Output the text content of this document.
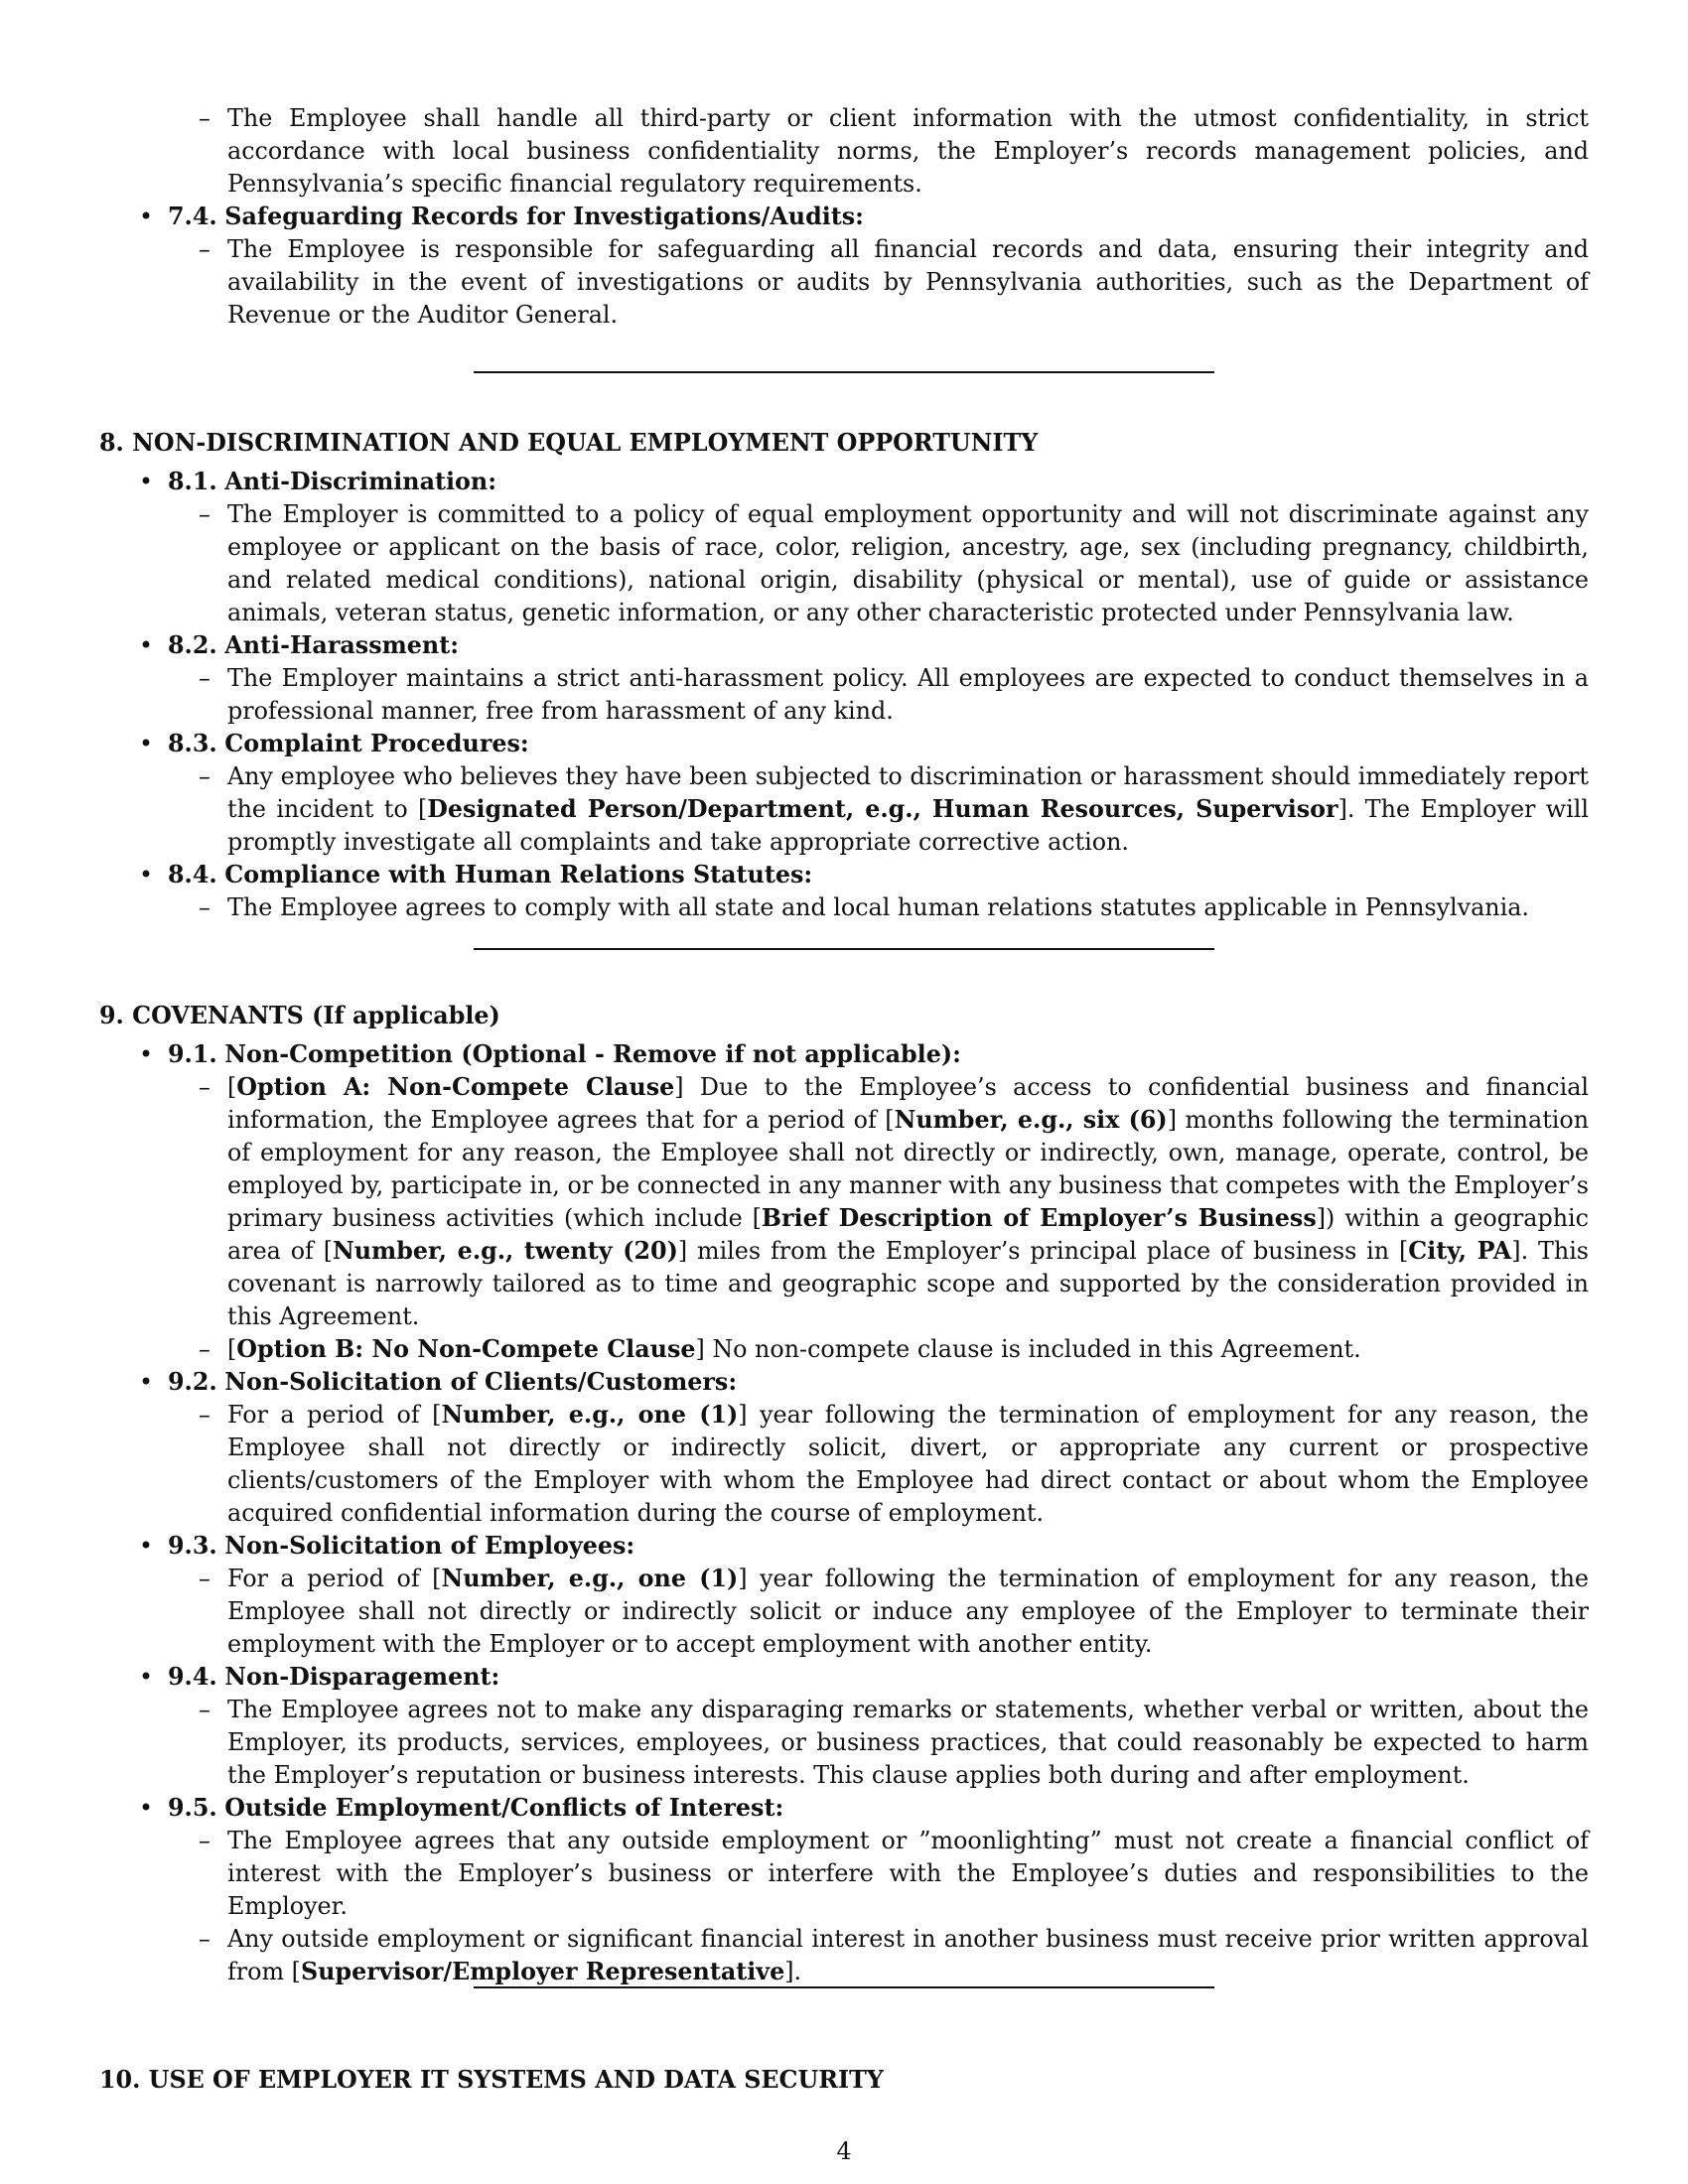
– The Employee shall handle all third-party or client information with the utmost confidentiality, in strict accordance with local business confidentiality norms, the Employer’s records management policies, and Pennsylvania’s specific financial regulatory requirements.
• 7.4. Safeguarding Records for Investigations/Audits:
– The Employee is responsible for safeguarding all financial records and data, ensuring their integrity and availability in the event of investigations or audits by Pennsylvania authorities, such as the Department of Revenue or the Auditor General.
8. NON-DISCRIMINATION AND EQUAL EMPLOYMENT OPPORTUNITY
• 8.1. Anti-Discrimination:
– The Employer is committed to a policy of equal employment opportunity and will not discriminate against any employee or applicant on the basis of race, color, religion, ancestry, age, sex (including pregnancy, childbirth, and related medical conditions), national origin, disability (physical or mental), use of guide or assistance animals, veteran status, genetic information, or any other characteristic protected under Pennsylvania law.
• 8.2. Anti-Harassment:
– The Employer maintains a strict anti-harassment policy. All employees are expected to conduct themselves in a professional manner, free from harassment of any kind.
• 8.3. Complaint Procedures:
– Any employee who believes they have been subjected to discrimination or harassment should immediately report the incident to [Designated Person/Department, e.g., Human Resources, Supervisor]. The Employer will promptly investigate all complaints and take appropriate corrective action.
• 8.4. Compliance with Human Relations Statutes:
– The Employee agrees to comply with all state and local human relations statutes applicable in Pennsylvania.
9. COVENANTS (If applicable)
• 9.1. Non-Competition (Optional - Remove if not applicable):
– [Option A: Non-Compete Clause] Due to the Employee’s access to confidential business and financial information, the Employee agrees that for a period of [Number, e.g., six (6)] months following the termination of employment for any reason, the Employee shall not directly or indirectly, own, manage, operate, control, be employed by, participate in, or be connected in any manner with any business that competes with the Employer’s primary business activities (which include [Brief Description of Employer’s Business]) within a geographic area of [Number, e.g., twenty (20)] miles from the Employer’s principal place of business in [City, PA]. This covenant is narrowly tailored as to time and geographic scope and supported by the consideration provided in this Agreement.
– [Option B: No Non-Compete Clause] No non-compete clause is included in this Agreement.
• 9.2. Non-Solicitation of Clients/Customers:
– For a period of [Number, e.g., one (1)] year following the termination of employment for any reason, the Employee shall not directly or indirectly solicit, divert, or appropriate any current or prospective clients/customers of the Employer with whom the Employee had direct contact or about whom the Employee acquired confidential information during the course of employment.
• 9.3. Non-Solicitation of Employees:
– For a period of [Number, e.g., one (1)] year following the termination of employment for any reason, the Employee shall not directly or indirectly solicit or induce any employee of the Employer to terminate their employment with the Employer or to accept employment with another entity.
• 9.4. Non-Disparagement:
– The Employee agrees not to make any disparaging remarks or statements, whether verbal or written, about the Employer, its products, services, employees, or business practices, that could reasonably be expected to harm the Employer’s reputation or business interests. This clause applies both during and after employment.
• 9.5. Outside Employment/Conflicts of Interest:
– The Employee agrees that any outside employment or ”moonlighting” must not create a financial conflict of interest with the Employer’s business or interfere with the Employee’s duties and responsibilities to the Employer.
– Any outside employment or significant financial interest in another business must receive prior written approval from [Supervisor/Employer Representative].
10. USE OF EMPLOYER IT SYSTEMS AND DATA SECURITY
4
